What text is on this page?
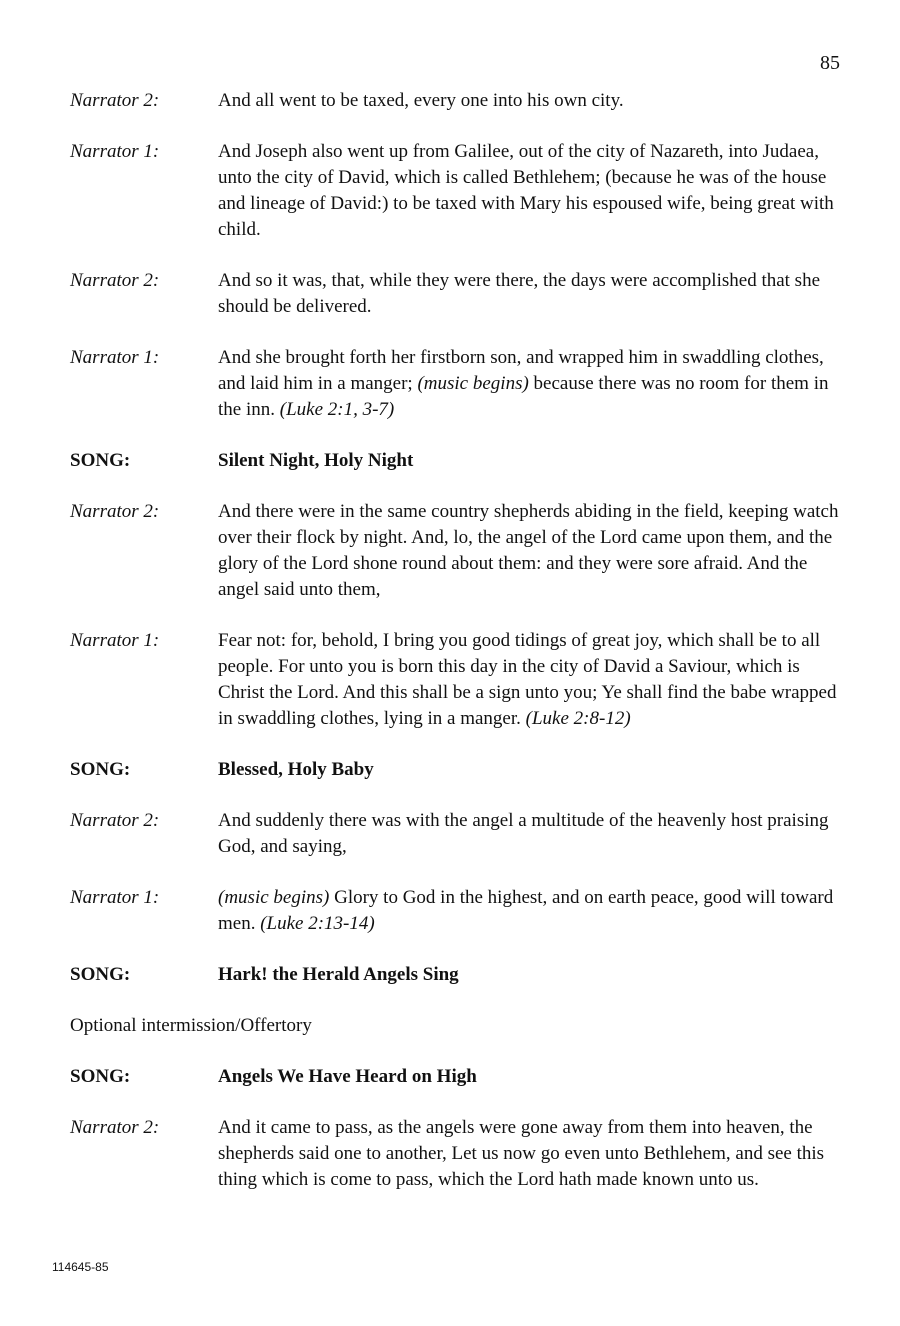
85
Narrator 2:	And all went to be taxed, every one into his own city.
Narrator 1:	And Joseph also went up from Galilee, out of the city of Nazareth, into Judaea, unto the city of David, which is called Bethlehem; (because he was of the house and lineage of David:) to be taxed with Mary his espoused wife, being great with child.
Narrator 2:	And so it was, that, while they were there, the days were accomplished that she should be delivered.
Narrator 1:	And she brought forth her firstborn son, and wrapped him in swaddling clothes, and laid him in a manger; (music begins) because there was no room for them in the inn. (Luke 2:1, 3-7)
SONG:	Silent Night, Holy Night
Narrator 2:	And there were in the same country shepherds abiding in the field, keeping watch over their flock by night. And, lo, the angel of the Lord came upon them, and the glory of the Lord shone round about them: and they were sore afraid. And the angel said unto them,
Narrator 1:	Fear not: for, behold, I bring you good tidings of great joy, which shall be to all people. For unto you is born this day in the city of David a Saviour, which is Christ the Lord. And this shall be a sign unto you; Ye shall find the babe wrapped in swaddling clothes, lying in a manger. (Luke 2:8-12)
SONG:	Blessed, Holy Baby
Narrator 2:	And suddenly there was with the angel a multitude of the heavenly host praising God, and saying,
Narrator 1:	(music begins) Glory to God in the highest, and on earth peace, good will toward men. (Luke 2:13-14)
SONG:	Hark! the Herald Angels Sing
Optional intermission/Offertory
SONG:	Angels We Have Heard on High
Narrator 2:	And it came to pass, as the angels were gone away from them into heaven, the shepherds said one to another, Let us now go even unto Bethlehem, and see this thing which is come to pass, which the Lord hath made known unto us.
114645-85
